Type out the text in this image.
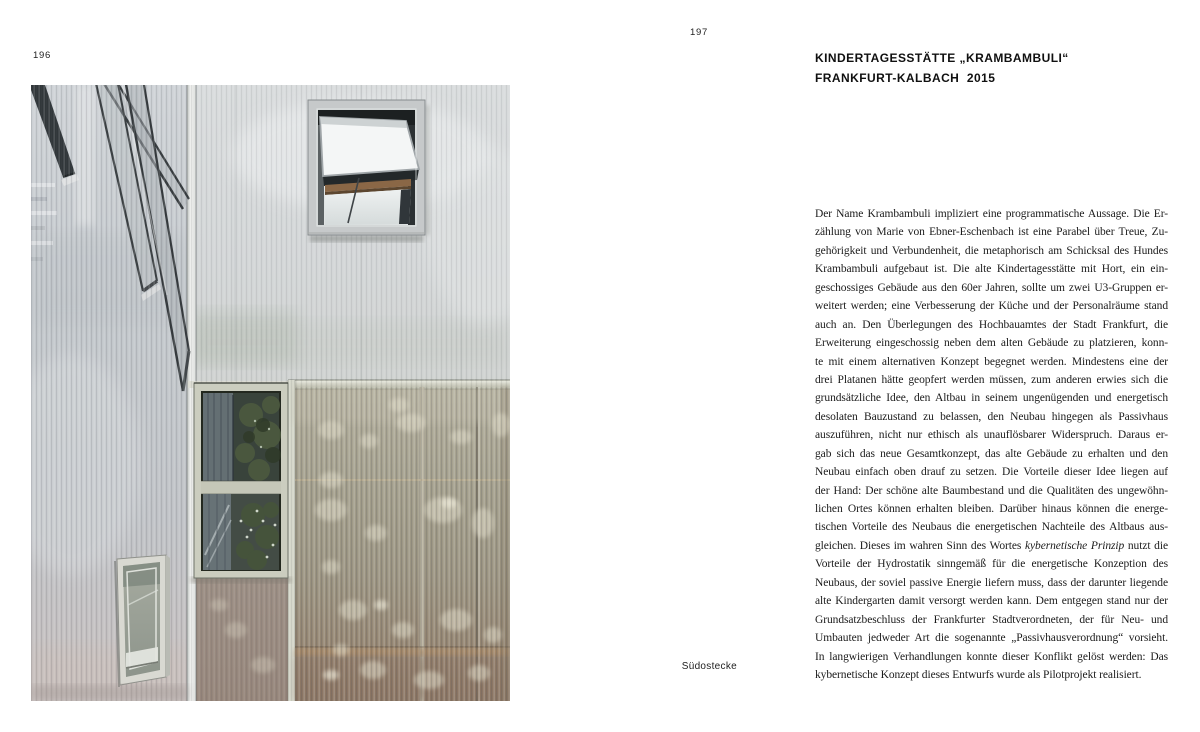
196
197
Südostecke
KINDERTAGESSTÄTTE „KRAMBAMBULI“
FRANKFURT-KALBACH  2015
Der Name Krambambuli impliziert eine programmatische Aussage. Die Er-
zählung von Marie von Ebner-Eschenbach ist eine Parabel über Treue, Zu-
gehörigkeit und Verbundenheit, die metaphorisch am Schicksal des Hundes
Krambambuli aufgebaut ist. Die alte Kindertagesstätte mit Hort, ein ein-
geschossiges Gebäude aus den 60er Jahren, sollte um zwei U3-Gruppen er-
weitert werden; eine Verbesserung der Küche und der Personalräume stand
auch an. Den Überlegungen des Hochbauamtes der Stadt Frankfurt, die
Erweiterung eingeschossig neben dem alten Gebäude zu platzieren, konn-
te mit einem alternativen Konzept begegnet werden. Mindestens eine der
drei Platanen hätte geopfert werden müssen, zum anderen erwies sich die
grundsätzliche Idee, den Altbau in seinem ungenügenden und energetisch
desolaten Bauzustand zu belassen, den Neubau hingegen als Passivhaus
auszuführen, nicht nur ethisch als unauflösbarer Widerspruch. Daraus er-
gab sich das neue Gesamtkonzept, das alte Gebäude zu erhalten und den
Neubau einfach oben drauf zu setzen. Die Vorteile dieser Idee liegen auf
der Hand: Der schöne alte Baumbestand und die Qualitäten des ungewöhn-
lichen Ortes können erhalten bleiben. Darüber hinaus können die energe-
tischen Vorteile des Neubaus die energetischen Nachteile des Altbaus aus-
gleichen. Dieses im wahren Sinn des Wortes kybernetische Prinzip nutzt die
Vorteile der Hydrostatik sinngemäß für die energetische Konzeption des
Neubaus, der soviel passive Energie liefern muss, dass der darunter liegende
alte Kindergarten damit versorgt werden kann. Dem entgegen stand nur der
Grundsatzbeschluss der Frankfurter Stadtverordneten, der für Neu- und
Umbauten jedweder Art die sogenannte „Passivhausverordnung“ vorsieht.
In langwierigen Verhandlungen konnte dieser Konflikt gelöst werden: Das
kybernetische Konzept dieses Entwurfs wurde als Pilotprojekt realisiert.
